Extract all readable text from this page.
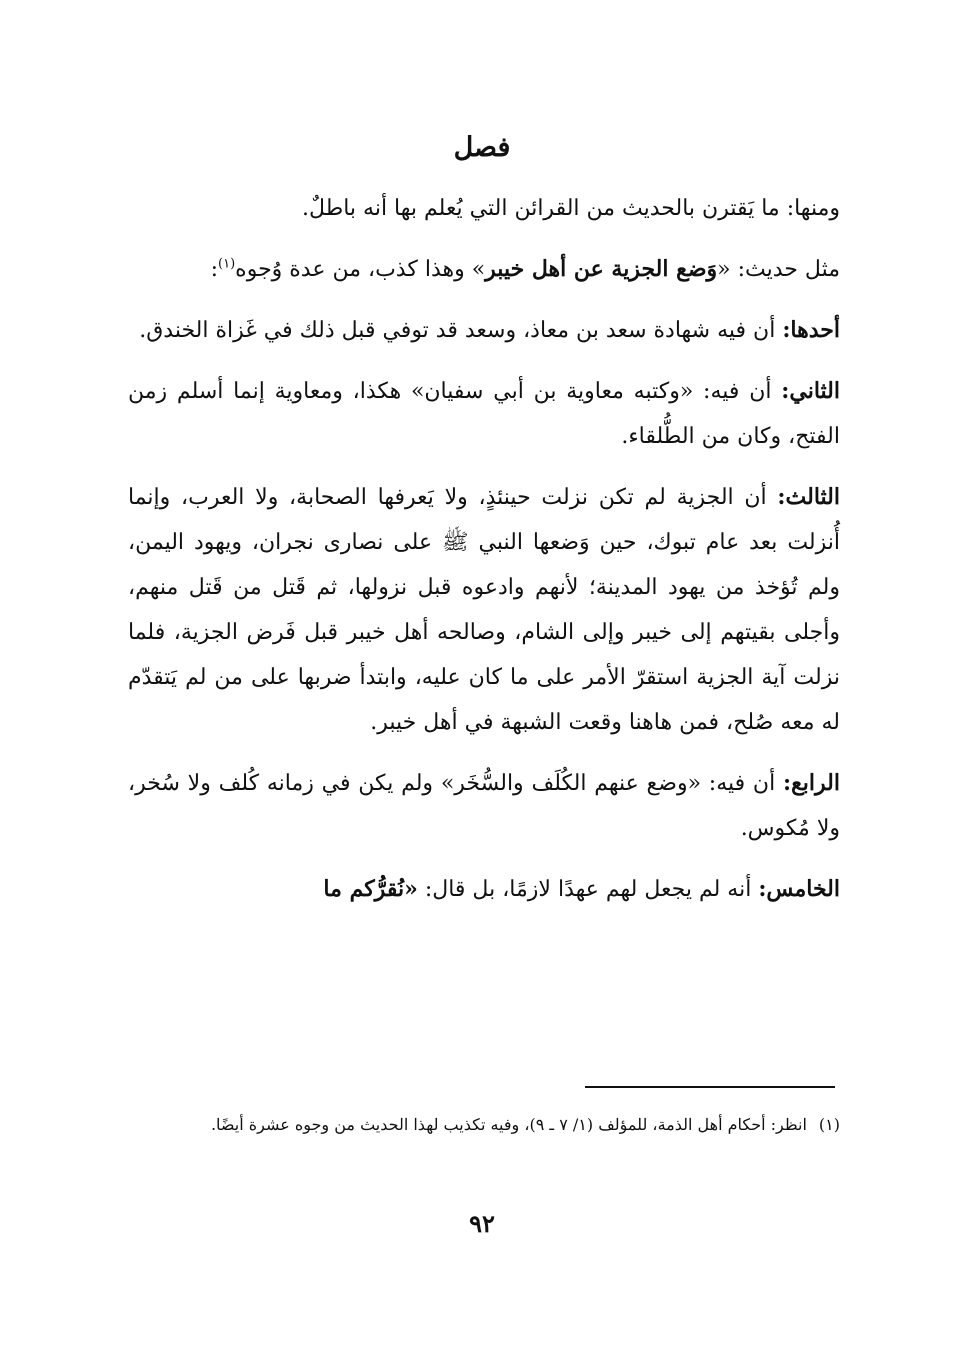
فصل

ومنها: ما يَقترن بالحديث من القرائن التي يُعلم بها أنه باطلٌ.

مثل حديث: «وَضع الجزية عن أهل خيبر» وهذا كذب، من عدة وُجوه$^{(١)}$:

أحدها: أن فيه شهادة سعد بن معاذ، وسعد قد توفي قبل ذلك في غَزاة الخندق.

الثاني: أن فيه: «وكتبه معاوية بن أبي سفيان» هكذا، ومعاوية إنما أسلم زمن الفتح، وكان من الطُّلقاء.

الثالث: أن الجزية لم تكن نزلت حينئذٍ، ولا يَعرفها الصحابة، ولا العرب، وإنما أُنزلت بعد عام تبوك، حين وَضعها النبي ﷺ على نصارى نجران، ويهود اليمن، ولم تُؤخذ من يهود المدينة؛ لأنهم وادعوه قبل نزولها، ثم قَتل من قَتل منهم، وأجلى بقيتهم إلى خيبر وإلى الشام، وصالحه أهل خيبر قبل فَرض الجزية، فلما نزلت آية الجزية استقرّ الأمر على ما كان عليه، وابتدأ ضربها على من لم يَتقدّم له معه صُلح، فمن هاهنا وقعت الشبهة في أهل خيبر.

الرابع: أن فيه: «وضع عنهم الكُلَف والسُّخَر» ولم يكن في زمانه كُلف ولا سُخر، ولا مُكوس.

الخامس: أنه لم يجعل لهم عهدًا لازمًا، بل قال: «نُقرُّكم ما

(١)انظر: أحكام أهل الذمة، للمؤلف (١/ ٧ ـ ٩)، وفيه تكذيب لهذا الحديث من وجوه عشرة أيضًا.
٩٢
